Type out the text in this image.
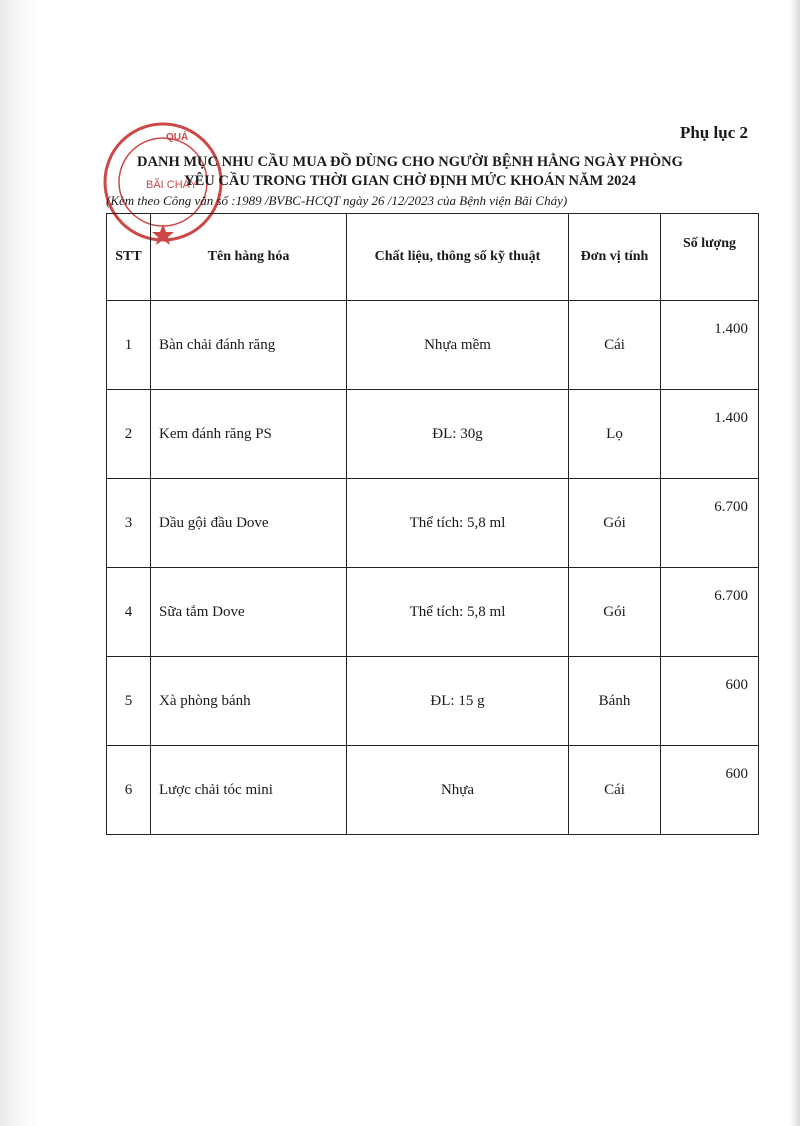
QUẢ
BÃI CHÁY
Phụ lục 2
DANH MỤC NHU CẦU MUA ĐỒ DÙNG CHO NGƯỜI BỆNH HẰNG NGÀY PHÒNG
YÊU CẦU TRONG THỜI GIAN CHỜ ĐỊNH MỨC KHOÁN NĂM 2024
(Kèm theo Công văn số :1989 /BVBC-HCQT ngày 26 /12/2023 của Bệnh viện Bãi Cháy)
STT	Tên hàng hóa	Chất liệu, thông số kỹ thuật	Đơn vị tính	Số lượng
1	Bàn chải đánh răng	Nhựa mềm	Cái	1.400
2	Kem đánh răng PS	ĐL: 30g	Lọ	1.400
3	Dầu gội đầu Dove	Thể tích: 5,8 ml	Gói	6.700
4	Sữa tắm Dove	Thể tích: 5,8 ml	Gói	6.700
5	Xà phòng bánh	ĐL: 15 g	Bánh	600
6	Lược chải tóc mini	Nhựa	Cái	600
